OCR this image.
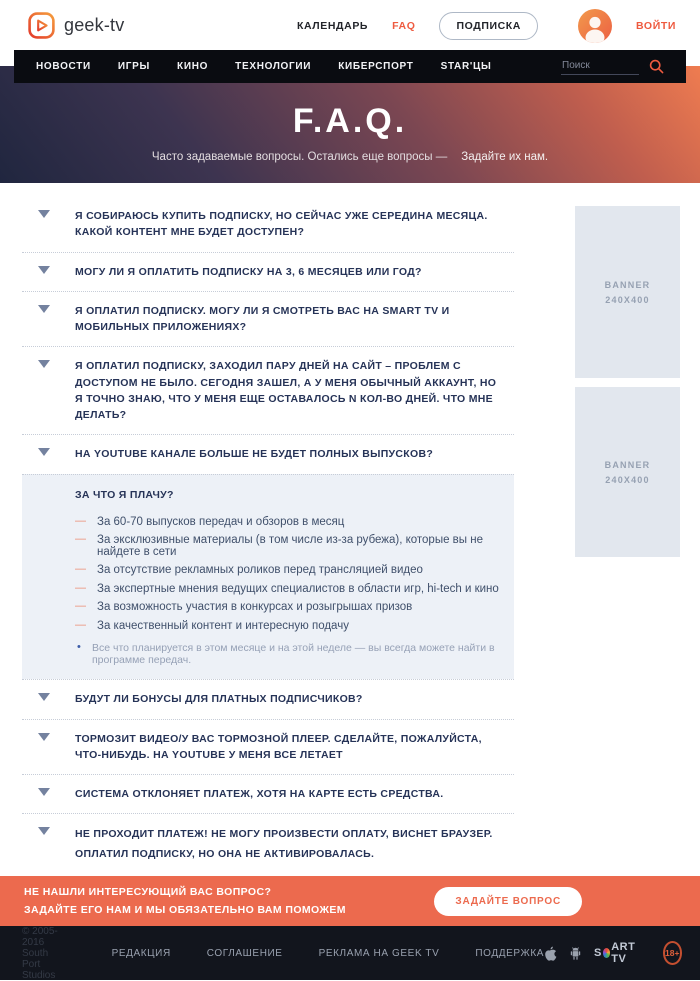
geek-tv	КАЛЕНДАРЬ FAQ	ПОДПИСКА	ВОЙТИ
НОВОСТИ	ИГРЫ	КИНО	ТЕХНОЛОГИИ	КИБЕРСПОРТ	STAR'ЦЫ
Поиск
F.A.Q.
Часто задаваемые вопросы. Остались еще вопросы — Задайте их нам.
Я СОБИРАЮСЬ КУПИТЬ ПОДПИСКУ, НО СЕЙЧАС УЖЕ СЕРЕДИНА МЕСЯЦА. КАКОЙ КОНТЕНТ МНЕ БУДЕТ ДОСТУПЕН?
МОГУ ЛИ Я ОПЛАТИТЬ ПОДПИСКУ НА 3, 6 МЕСЯЦЕВ ИЛИ ГОД?
Я ОПЛАТИЛ ПОДПИСКУ. МОГУ ЛИ Я СМОТРЕТЬ ВАС НА SMART TV И МОБИЛЬНЫХ ПРИЛОЖЕНИЯХ?
Я ОПЛАТИЛ ПОДПИСКУ, ЗАХОДИЛ ПАРУ ДНЕЙ НА САЙТ – ПРОБЛЕМ С ДОСТУПОМ НЕ БЫЛО. СЕГОДНЯ ЗАШЕЛ, А У МЕНЯ ОБЫЧНЫЙ АККАУНТ, НО Я ТОЧНО ЗНАЮ, ЧТО У МЕНЯ ЕЩЕ ОСТАВАЛОСЬ N КОЛ-ВО ДНЕЙ. ЧТО МНЕ ДЕЛАТЬ?
НА YOUTUBE КАНАЛЕ БОЛЬШЕ НЕ БУДЕТ ПОЛНЫХ ВЫПУСКОВ?
ЗА ЧТО Я ПЛАЧУ?
— За 60-70 выпусков передач и обзоров в месяц
— За эксклюзивные материалы (в том числе из-за рубежа), которые вы не найдете в сети
— За отсутствие рекламных роликов перед трансляцией видео
— За экспертные мнения ведущих специалистов в области игр, hi-tech и кино
— За возможность участия в конкурсах и розыгрышах призов
— За качественный контент и интересную подачу
• Все что планируется в этом месяце и на этой неделе — вы всегда можете найти в программе передач.
БУДУТ ЛИ БОНУСЫ ДЛЯ ПЛАТНЫХ ПОДПИСЧИКОВ?
ТОРМОЗИТ ВИДЕО/У ВАС ТОРМОЗНОЙ ПЛЕЕР. СДЕЛАЙТЕ, ПОЖАЛУЙСТА, ЧТО-НИБУДЬ. НА YOUTUBE У МЕНЯ ВСЕ ЛЕТАЕТ
СИСТЕМА ОТКЛОНЯЕТ ПЛАТЕЖ, ХОТЯ НА КАРТЕ ЕСТЬ СРЕДСТВА.
НЕ ПРОХОДИТ ПЛАТЕЖ! НЕ МОГУ ПРОИЗВЕСТИ ОПЛАТУ, ВИСНЕТ БРАУЗЕР. ОПЛАТИЛ ПОДПИСКУ, НО ОНА НЕ АКТИВИРОВАЛАСЬ.
BANNER
240X400
BANNER
240X400
НЕ НАШЛИ ИНТЕРЕСУЮЩИЙ ВАС ВОПРОС?
ЗАДАЙТЕ ЕГО НАМ И МЫ ОБЯЗАТЕЛЬНО ВАМ ПОМОЖЕМ
ЗАДАЙТЕ ВОПРОС
© 2005-2016 South Port Studios
РЕДАКЦИЯ	СОГЛАШЕНИЕ	РЕКЛАМА НА GEEK TV	ПОДДЕРЖКА	S ART TV	18+
